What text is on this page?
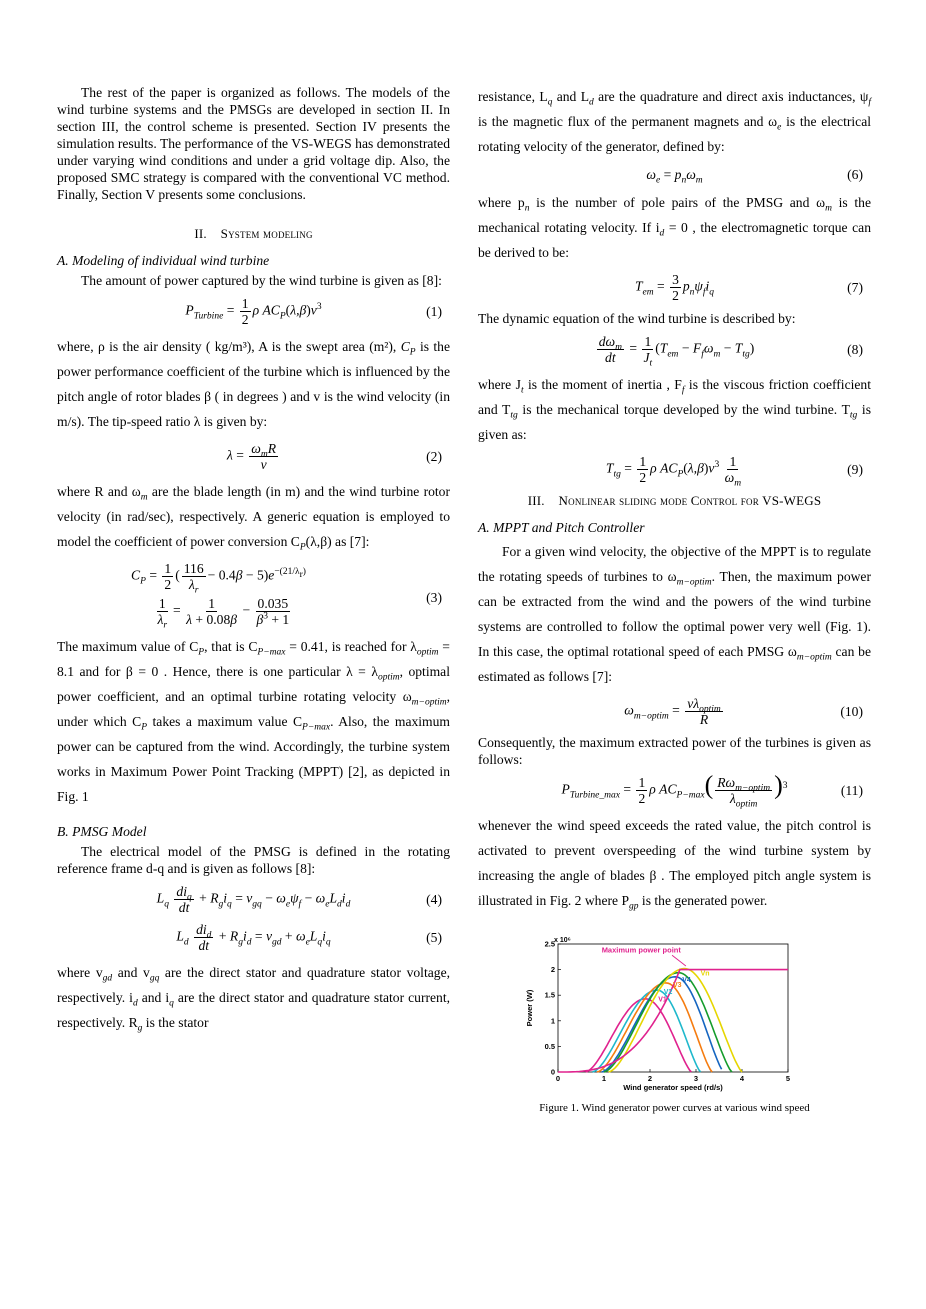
The rest of the paper is organized as follows. The models of the wind turbine systems and the PMSGs are developed in section II. In section III, the control scheme is presented. Section IV presents the simulation results. The performance of the VS-WEGS has demonstrated under varying wind conditions and under a grid voltage dip. Also, the proposed SMC strategy is compared with the conventional VC method. Finally, Section V presents some conclusions.

II. System modeling
A. Modeling of individual wind turbine

The amount of power captured by the wind turbine is given as [8]:

$P_{Turbine} = \frac{1}{2}$ ρ $AC_P(\lambda,\beta)v^3$	(1)

where, ρ is the air density ( kg/m³), A is the swept area (m²), $C_P$ is the power performance coefficient of the turbine which is influenced by the pitch angle of rotor blades β ( in degrees ) and v is the wind velocity (in m/s). The tip-speed ratio λ is given by:

$\lambda = \frac{\omega_mR}{v}$	(2)

where R and $\omega_m$ are the blade length (in m) and the wind turbine rotor velocity (in rad/sec), respectively. A generic equation is employed to model the coefficient of power conversion $C_P(\lambda,\beta)$ as [7]:

$C_P = \frac{1}{2}$ ( $\frac{116}{\lambda_r} - 0.4\beta - 5)e^{-(21/\lambda_r)}$
$\frac{1}{\lambda_r} = \frac{1}{\lambda + 0.08\beta} - \frac{0.035}{\beta^3 + 1}$	(3)

The maximum value of $C_P$, that is $C_{P-max} = 0.41$, is reached for $\lambda_{optim} = 8.1$ and for β = 0 . Hence, there is one particular $\lambda = \lambda_{optim}$, optimal power coefficient, and an optimal turbine rotating velocity $\omega_{m-optim}$, under which $C_P$ takes a maximum value $C_{P-max}$. Also, the maximum power can be captured from the wind. Accordingly, the turbine system works in Maximum Power Point Tracking (MPPT) [2], as depicted in Fig. 1

B. PMSG Model

The electrical model of the PMSG is defined in the rotating reference frame d-q and is given as follows [8]:

$L_q \frac{di_q}{dt} + R_gi_q = v_{gq} - \omega_e\psi_f - \omega_eL_di_d$	(4)
$L_d \frac{di_d}{dt} + R_gi_d = v_{gd} + \omega_eL_qi_q$	(5)

where $v_{gd}$ and $v_{gq}$ are the direct stator and quadrature stator voltage, respectively. $i_d$ and $i_q$ are the direct stator and quadrature stator current, respectively. $R_g$ is the stator

resistance, $L_q$ and $L_d$ are the quadrature and direct axis inductances, $\psi_f$ is the magnetic flux of the permanent magnets and $\omega_e$ is the electrical rotating velocity of the generator, defined by:

$\omega_e = p_n\omega_m$	(6)

where $p_n$ is the number of pole pairs of the PMSG and $\omega_m$ is the mechanical rotating velocity. If $i_d = 0$ , the electromagnetic torque can be derived to be:

$T_{em} = \frac{3}{2} p_n\psi_fi_q$	(7)

The dynamic equation of the wind turbine is described by:

$\frac{d\omega_m}{dt} = \frac{1}{J_t} (T_{em} - F_f\omega_m - T_{tg})$	(8)

where $J_t$ is the moment of inertia , $F_f$ is the viscous friction coefficient and $T_{tg}$ is the mechanical torque developed by the wind turbine. $T_{tg}$ is given as:

$T_{tg} = \frac{1}{2}$ ρ $AC_P(\lambda,\beta)v^3 \frac{1}{\omega_m}$	(9)
III. Nonlinear sliding mode Control for VS-WEGS
A. MPPT and Pitch Controller

For a given wind velocity, the objective of the MPPT is to regulate the rotating speeds of turbines to $\omega_{m-optim}$. Then, the maximum power can be extracted from the wind and the powers of the wind turbine systems are controlled to follow the optimal power very well (Fig. 1). In this case, the optimal rotational speed of each PMSG $\omega_{m-optim}$ can be estimated as follows [7]:

$\omega_{m-optim} = \frac{v\lambda_{optim}}{R}$	(10)

Consequently, the maximum extracted power of the turbines is given as follows:

$P_{Turbine\_max} = \frac{1}{2}$ ρ $AC_{P-max}( \frac{R\omega_{m-optim}}{\lambda_{optim}} )^3$	(11)

whenever the wind speed exceeds the rated value, the pitch control is activated to prevent overspeeding of the wind turbine system by increasing the angle of blades β . The employed pitch angle system is illustrated in Fig. 2 where $P_{gp}$ is the generated power.

0	1	2	3	4	5
0
0.5
1
1.5
2
2.5 x 10⁶
Wind generator speed (rd/s)
Power (W)	V1
V2
V3
V4
Vn
Maximum power point
Figure 1. Wind generator power curves at various wind speed
